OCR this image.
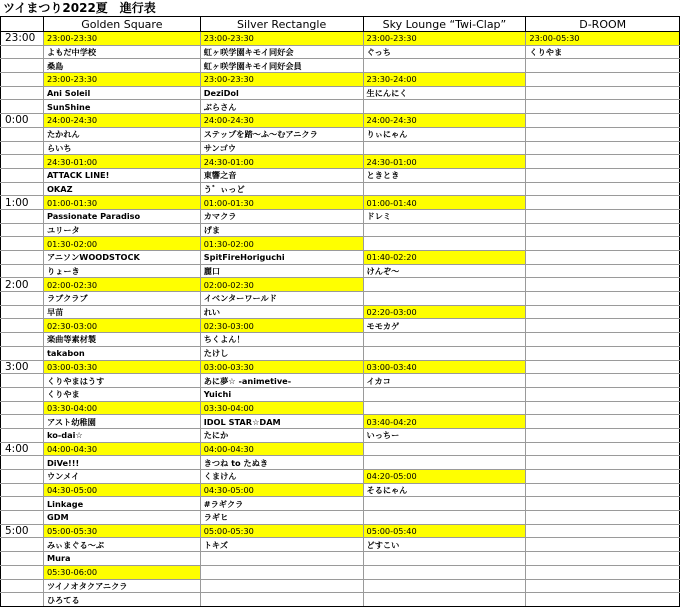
ツイまつり2022夏　進行表
	Golden Square	Silver Rectangle	Sky Lounge “Twi-Clap”	D-ROOM
23:00	23:00-23:30	23:00-23:30	23:00-23:30	23:00-05:30
	よもだ中学校	虹ヶ咲学園キモイ同好会	ぐっち	くりやま
	桑島	虹ヶ咲学園キモイ同好会員		
	23:00-23:30	23:00-23:30	23:30-24:00	
	Ani Soleil	DeziDol	生にんにく	
	SunShine	ぶらさん		
0:00	24:00-24:30	24:00-24:30	24:00-24:30	
	たかれん	ステップを踏～ふ～むアニクラ	りぃにゃん	
	らいち	サンゴウ		
	24:30-01:00	24:30-01:00	24:30-01:00	
	ATTACK LINE!	東響之音	ときとき	
	OKAZ	う゛ぃっど		
1:00	01:00-01:30	01:00-01:30	01:00-01:40	
	Passionate Paradiso	カマクラ	ドレミ	
	ユリータ	げま		
	01:30-02:00	01:30-02:00		
	アニソンWOODSTOCK	SpitFireHoriguchi	01:40-02:20	
	りょーき	麗口	けんぞ～	
2:00	02:00-02:30	02:00-02:30		
	ラブクラブ	イベンターワールド		
	早苗	れい	02:20-03:00	
	02:30-03:00	02:30-03:00	モモカゲ	
	楽曲等素材製	ちくよん！		
	takabon	たけし		
3:00	03:00-03:30	03:00-03:30	03:00-03:40	
	くりやまはうす	あに夢☆ -animetive-	イカコ	
	くりやま	Yuichi		
	03:30-04:00	03:30-04:00		
	アスト幼稚園	IDOL STAR☆DAM	03:40-04:20	
	ko-dai☆	たにか	いっちー	
4:00	04:00-04:30	04:00-04:30		
	DiVe!!!	きつね to たぬき		
	ウンメイ	くまけん	04:20-05:00	
	04:30-05:00	04:30-05:00	そるにゃん	
	Linkage	#ラギクラ		
	GDM	ラギヒ		
5:00	05:00-05:30	05:00-05:30	05:00-05:40	
	みぃまぐる～ぷ	トキズ	どすこい	
	Mura			
	05:30-06:00			
	ツイノオタクアニクラ			
	ひろてる			
